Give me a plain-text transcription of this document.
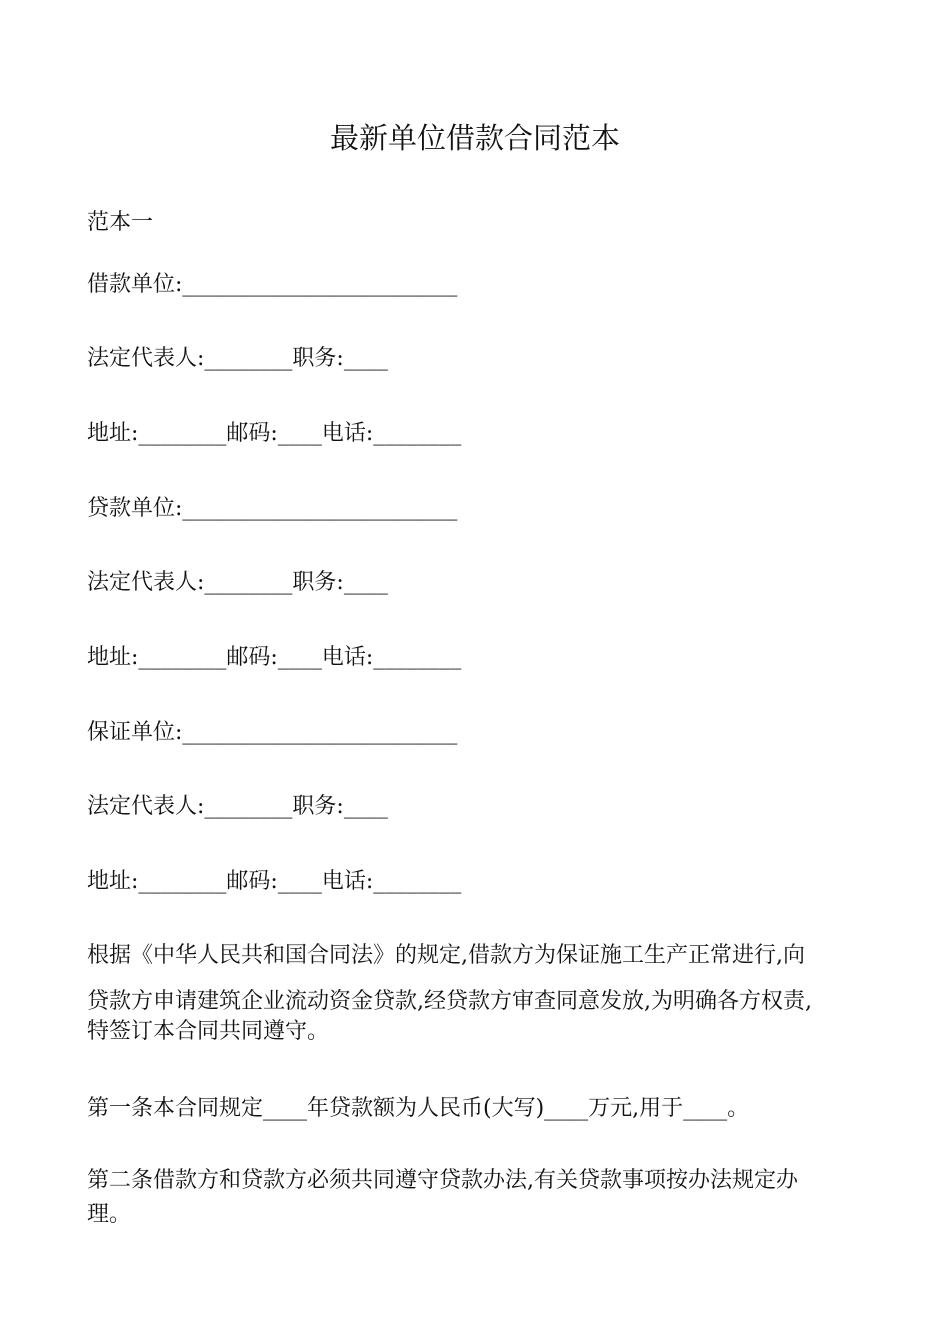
最新单位借款合同范本
范本一
借款单位:_________________________
法定代表人:________职务:____
地址:________邮码:____电话:________
贷款单位:_________________________
法定代表人:________职务:____
地址:________邮码:____电话:________
保证单位:_________________________
法定代表人:________职务:____
地址:________邮码:____电话:________
根据《中华人民共和国合同法》的规定,借款方为保证施工生产正常进行,向
贷款方申请建筑企业流动资金贷款,经贷款方审查同意发放,为明确各方权责,
特签订本合同共同遵守。
第一条本合同规定____年贷款额为人民币(大写)____万元,用于____。
第二条借款方和贷款方必须共同遵守贷款办法,有关贷款事项按办法规定办
理。
